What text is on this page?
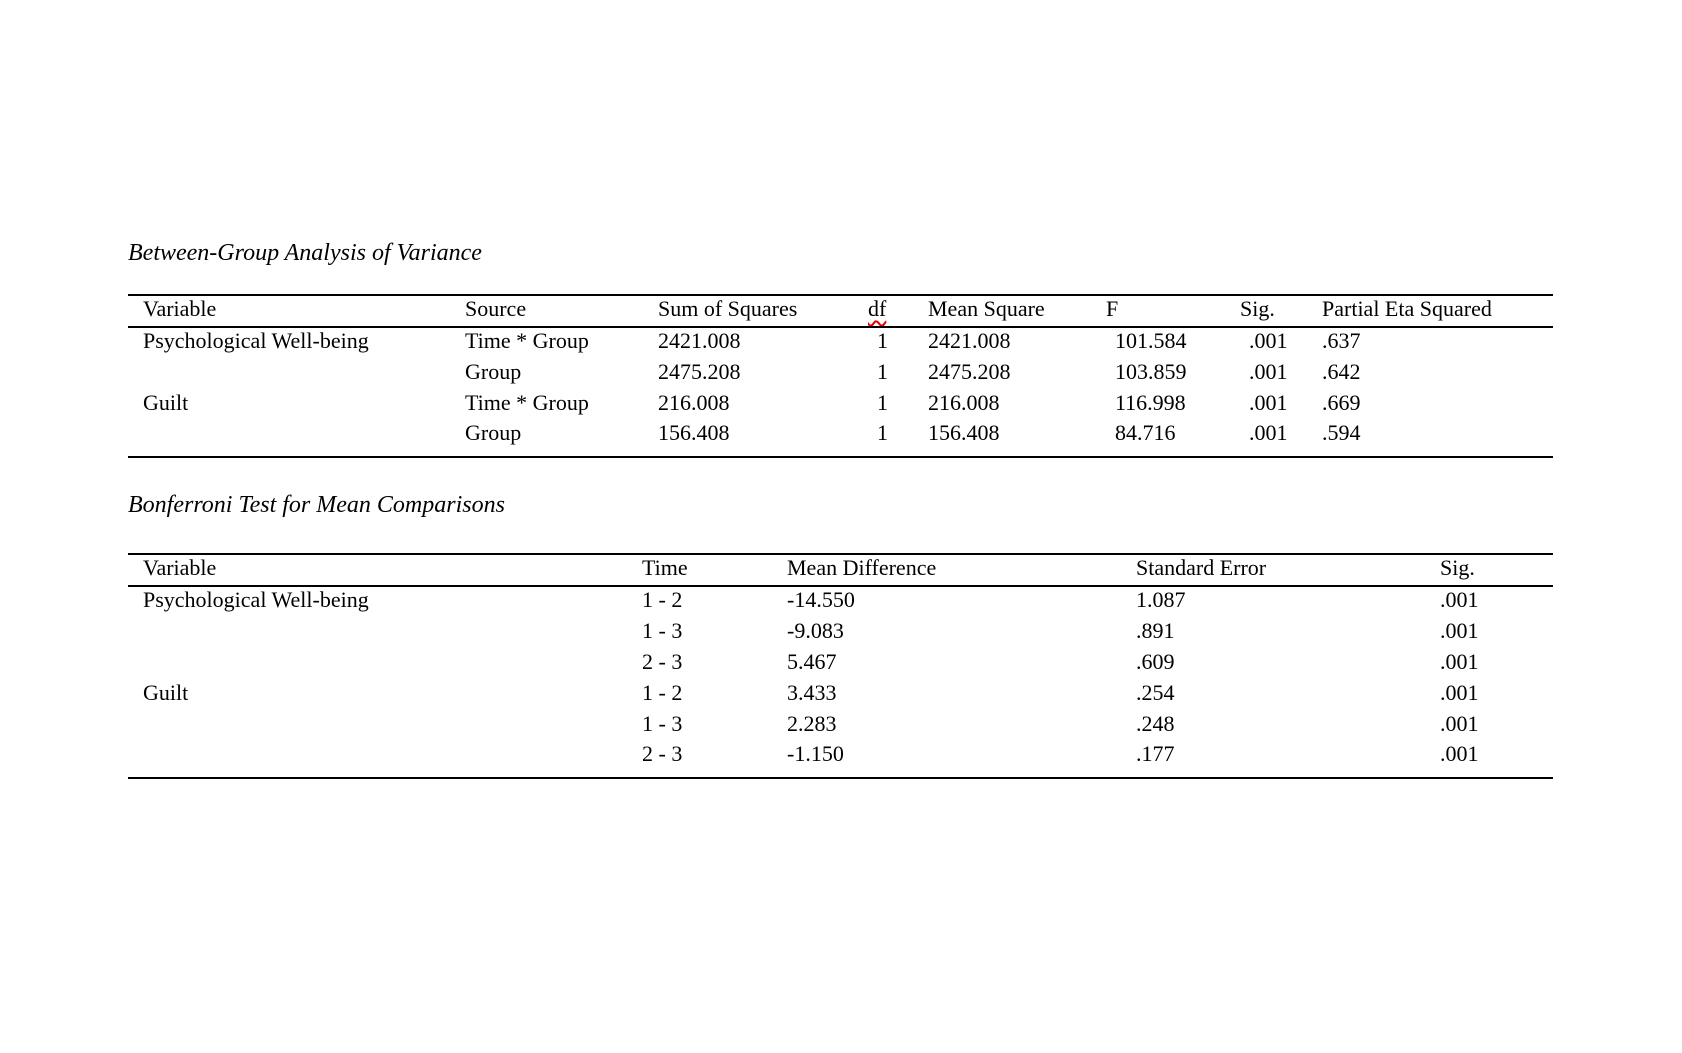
Between-Group Analysis of Variance
Variable	Source	Sum of Squares	df	Mean Square	F	Sig.	Partial Eta Squared
Psychological Well-being	Time * Group	2421.008	1	2421.008	101.584	.001	.637
	Group	2475.208	1	2475.208	103.859	.001	.642
Guilt	Time * Group	216.008	1	216.008	116.998	.001	.669
	Group	156.408	1	156.408	84.716	.001	.594
Bonferroni Test for Mean Comparisons
Variable	Time	Mean Difference	Standard Error	Sig.
Psychological Well-being	1 - 2	-14.550	1.087	.001
	1 - 3	-9.083	.891	.001
	2 - 3	5.467	.609	.001
Guilt	1 - 2	3.433	.254	.001
	1 - 3	2.283	.248	.001
	2 - 3	-1.150	.177	.001
